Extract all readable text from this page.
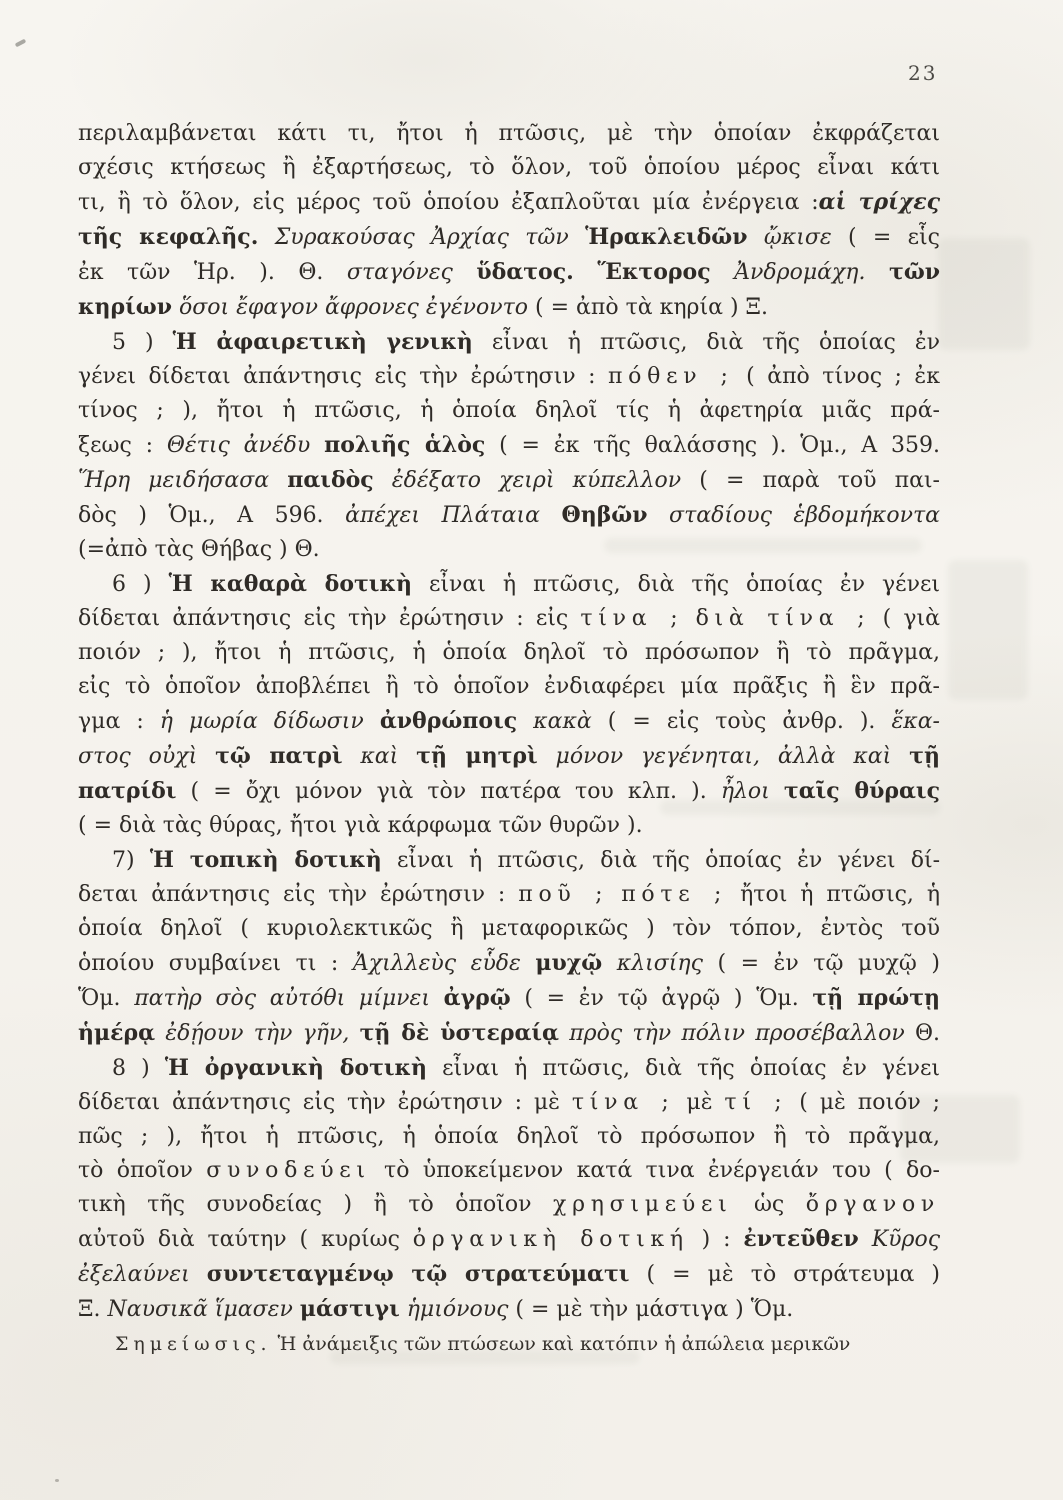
23
περιλαμβάνεται κάτι τι, ἤτοι ἡ πτῶσις, μὲ τὴν ὁποίαν ἐκφράζεται
σχέσις κτήσεως ἢ ἐξαρτήσεως, τὸ ὅλον, τοῦ ὁποίου μέρος εἶναι κάτι
τι, ἢ τὸ ὅλον, εἰς μέρος τοῦ ὁποίου ἐξαπλοῦται μία ἐνέργεια :αἱ τρίχες
τῆς κεφαλῆς. Συρακούσας Ἀρχίας τῶν Ἡρακλειδῶν ᾤκισε ( = εἷς
ἐκ τῶν Ἡρ. ). Θ. σταγόνες ὕδατος. Ἕκτορος Ἀνδρομάχη. τῶν
κηρίων ὅσοι ἔφαγον ἄφρονες ἐγένοντο ( = ἀπὸ τὰ κηρία ) Ξ.
5 ) Ἡ ἀφαιρετικὴ γενικὴ εἶναι ἡ πτῶσις, διὰ τῆς ὁποίας ἐν
γένει δίδεται ἀπάντησις εἰς τὴν ἐρώτησιν : πόθεν ; ( ἀπὸ τίνος ; ἐκ
τίνος ; ), ἤτοι ἡ πτῶσις, ἡ ὁποία δηλοῖ τίς ἡ ἀφετηρία μιᾶς πρά-
ξεως : Θέτις ἀνέδυ πολιῆς ἁλὸς ( = ἐκ τῆς θαλάσσης ). Ὁμ., Α 359.
Ἥρη μειδήσασα παιδὸς ἐδέξατο χειρὶ κύπελλον ( = παρὰ τοῦ παι-
δὸς ) Ὁμ., Α 596. ἀπέχει Πλάταια Θηβῶν σταδίους ἑβδομήκοντα
(=ἀπὸ τὰς Θήβας ) Θ.
6 ) Ἡ καθαρὰ δοτικὴ εἶναι ἡ πτῶσις, διὰ τῆς ὁποίας ἐν γένει
δίδεται ἀπάντησις εἰς τὴν ἐρώτησιν : εἰς τίνα ; διὰ τίνα ; ( γιὰ
ποιόν ; ), ἤτοι ἡ πτῶσις, ἡ ὁποία δηλοῖ τὸ πρόσωπον ἢ τὸ πρᾶγμα,
εἰς τὸ ὁποῖον ἀποβλέπει ἢ τὸ ὁποῖον ἐνδιαφέρει μία πρᾶξις ἢ ἓν πρᾶ-
γμα : ἡ μωρία δίδωσιν ἀνθρώποις κακὰ ( = εἰς τοὺς ἀνθρ. ). ἕκα-
στος οὐχὶ τῷ πατρὶ καὶ τῇ μητρὶ μόνον γεγένηται, ἀλλὰ καὶ τῇ
πατρίδι ( = ὄχι μόνον γιὰ τὸν πατέρα του κλπ. ). ἦλοι ταῖς θύραις
( = διὰ τὰς θύρας, ἤτοι γιὰ κάρφωμα τῶν θυρῶν ).
7) Ἡ τοπικὴ δοτικὴ εἶναι ἡ πτῶσις, διὰ τῆς ὁποίας ἐν γένει δί-
δεται ἀπάντησις εἰς τὴν ἐρώτησιν : ποῦ ; πότε ; ἤτοι ἡ πτῶσις, ἡ
ὁποία δηλοῖ ( κυριολεκτικῶς ἢ μεταφορικῶς ) τὸν τόπον, ἐντὸς τοῦ
ὁποίου συμβαίνει τι : Ἀχιλλεὺς εὗδε μυχῷ κλισίης ( = ἐν τῷ μυχῷ )
Ὅμ. πατὴρ σὸς αὐτόθι μίμνει ἀγρῷ ( = ἐν τῷ ἀγρῷ ) Ὅμ. τῇ πρώτῃ
ἡμέρᾳ ἐδῄουν τὴν γῆν, τῇ δὲ ὑστεραίᾳ πρὸς τὴν πόλιν προσέβαλλον Θ.
8 ) Ἡ ὀργανικὴ δοτικὴ εἶναι ἡ πτῶσις, διὰ τῆς ὁποίας ἐν γένει
δίδεται ἀπάντησις εἰς τὴν ἐρώτησιν : μὲ τίνα ; μὲ τί ; ( μὲ ποιόν ;
πῶς ; ), ἤτοι ἡ πτῶσις, ἡ ὁποία δηλοῖ τὸ πρόσωπον ἢ τὸ πρᾶγμα,
τὸ ὁποῖον συνοδεύει τὸ ὑποκείμενον κατά τινα ἐνέργειάν του ( δο-
τικὴ τῆς συνοδείας ) ἢ τὸ ὁποῖον χρησιμεύει ὡς ὄργανον
αὐτοῦ διὰ ταύτην ( κυρίως ὀργανικὴ δοτική ) : ἐντεῦθεν Κῦρος
ἐξελαύνει συντεταγμένῳ τῷ στρατεύματι ( = μὲ τὸ στράτευμα )
Ξ. Ναυσικᾶ ἵμασεν μάστιγι ἡμιόνους ( = μὲ τὴν μάστιγα ) Ὅμ.
Σημείωσις. Ἡ ἀνάμειξις τῶν πτώσεων καὶ κατόπιν ἡ ἀπώλεια μερικῶν
